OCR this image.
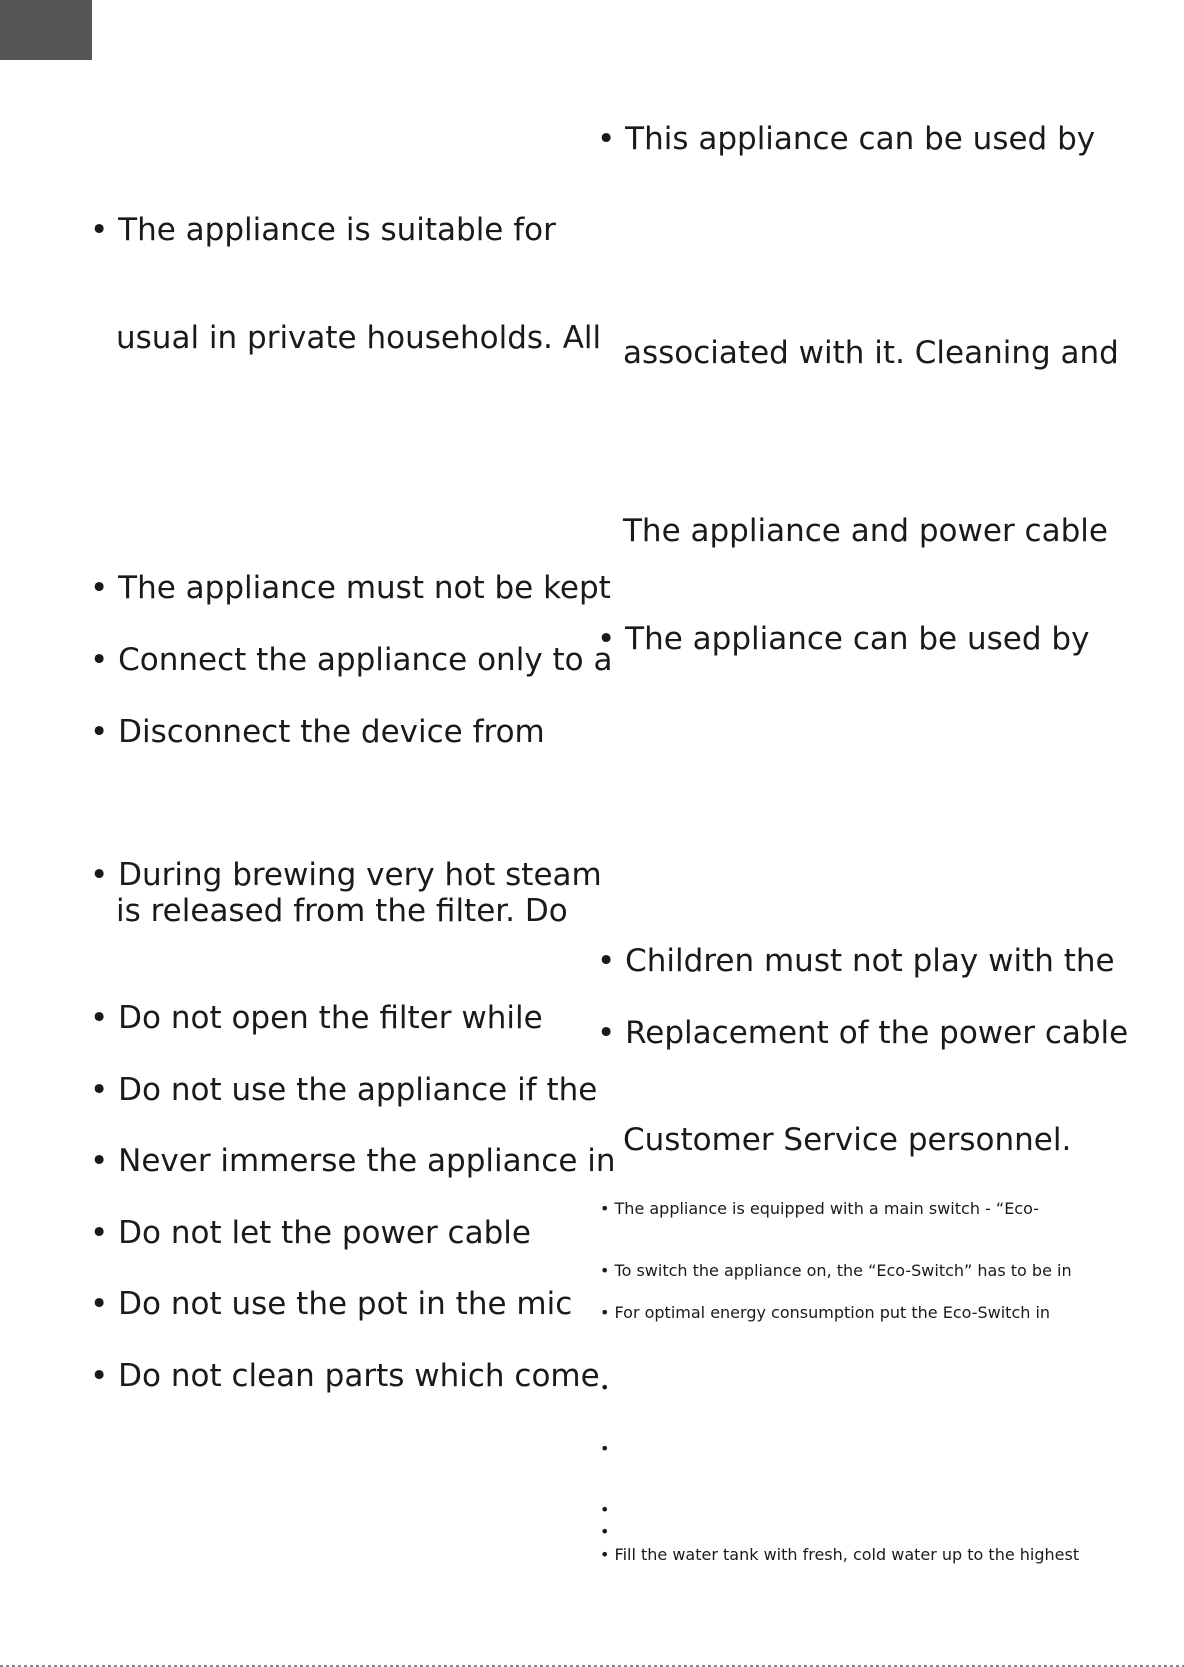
• The appliance is suitable for
usual in private households. All
• The appliance must not be kept
• Connect the appliance only to a
• Disconnect the device from
• During brewing very hot steam
is released from the filter. Do
• Do not open the filter while
• Do not use the appliance if the
• Never immerse the appliance in
• Do not let the power cable
• Do not use the pot in the mic
• Do not clean parts which come
• This appliance can be used by
associated with it. Cleaning and
The appliance and power cable
• The appliance can be used by
• Children must not play with the
• Replacement of the power cable
Customer Service personnel.
• The appliance is equipped with a main switch - “Eco-
• To switch the appliance on, the “Eco-Switch” has to be in
• For optimal energy consumption put the Eco-Switch in
•
•
•
•
• Fill the water tank with fresh, cold water up to the highest
